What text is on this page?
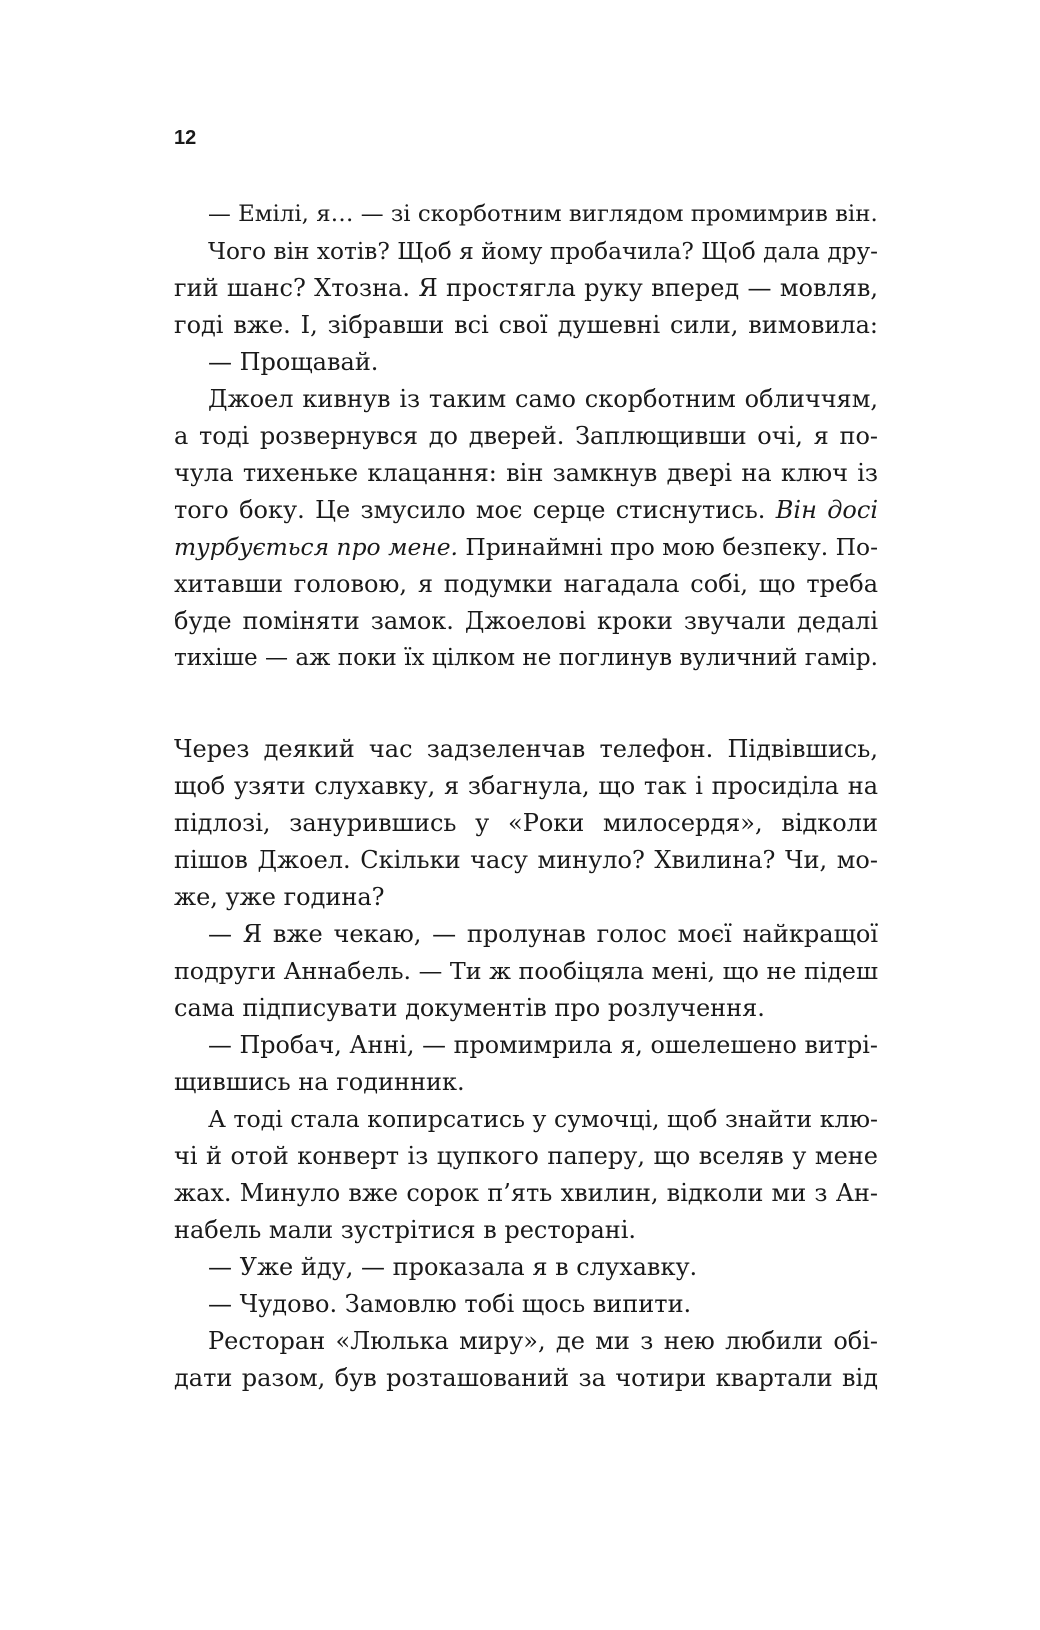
12
— Емілі, я… — зі скорботним виглядом промимрив він.
Чого він хотів? Щоб я йому пробачила? Щоб дала дру-
гий шанс? Хтозна. Я простягла руку вперед — мовляв,
годі вже. І, зібравши всі свої душевні сили, вимовила:
— Прощавай.
Джоел кивнув із таким само скорботним обличчям,
а тоді розвернувся до дверей. Заплющивши очі, я по-
чула тихеньке клацання: він замкнув двері на ключ із
того боку. Це змусило моє серце стиснутись. Він досі
турбується про мене. Принаймні про мою безпеку. По-
хитавши головою, я подумки нагадала собі, що треба
буде поміняти замок. Джоелові кроки звучали дедалі
тихіше — аж поки їх цілком не поглинув вуличний гамір.
Через деякий час задзеленчав телефон. Підвівшись,
щоб узяти слухавку, я збагнула, що так і просиділа на
підлозі, занурившись у «Роки милосердя», відколи
пішов Джоел. Скільки часу минуло? Хвилина? Чи, мо-
же, уже година?
— Я вже чекаю, — пролунав голос моєї найкращої
подруги Аннабель. — Ти ж пообіцяла мені, що не підеш
сама підписувати документів про розлучення.
— Пробач, Анні, — промимрила я, ошелешено витрі-
щившись на годинник.
А тоді стала копирсатись у сумочці, щоб знайти клю-
чі й отой конверт із цупкого паперу, що вселяв у мене
жах. Минуло вже сорок п’ять хвилин, відколи ми з Ан-
набель мали зустрітися в ресторані.
— Уже йду, — проказала я в слухавку.
— Чудово. Замовлю тобі щось випити.
Ресторан «Люлька миру», де ми з нею любили обі-
дати разом, був розташований за чотири квартали від
